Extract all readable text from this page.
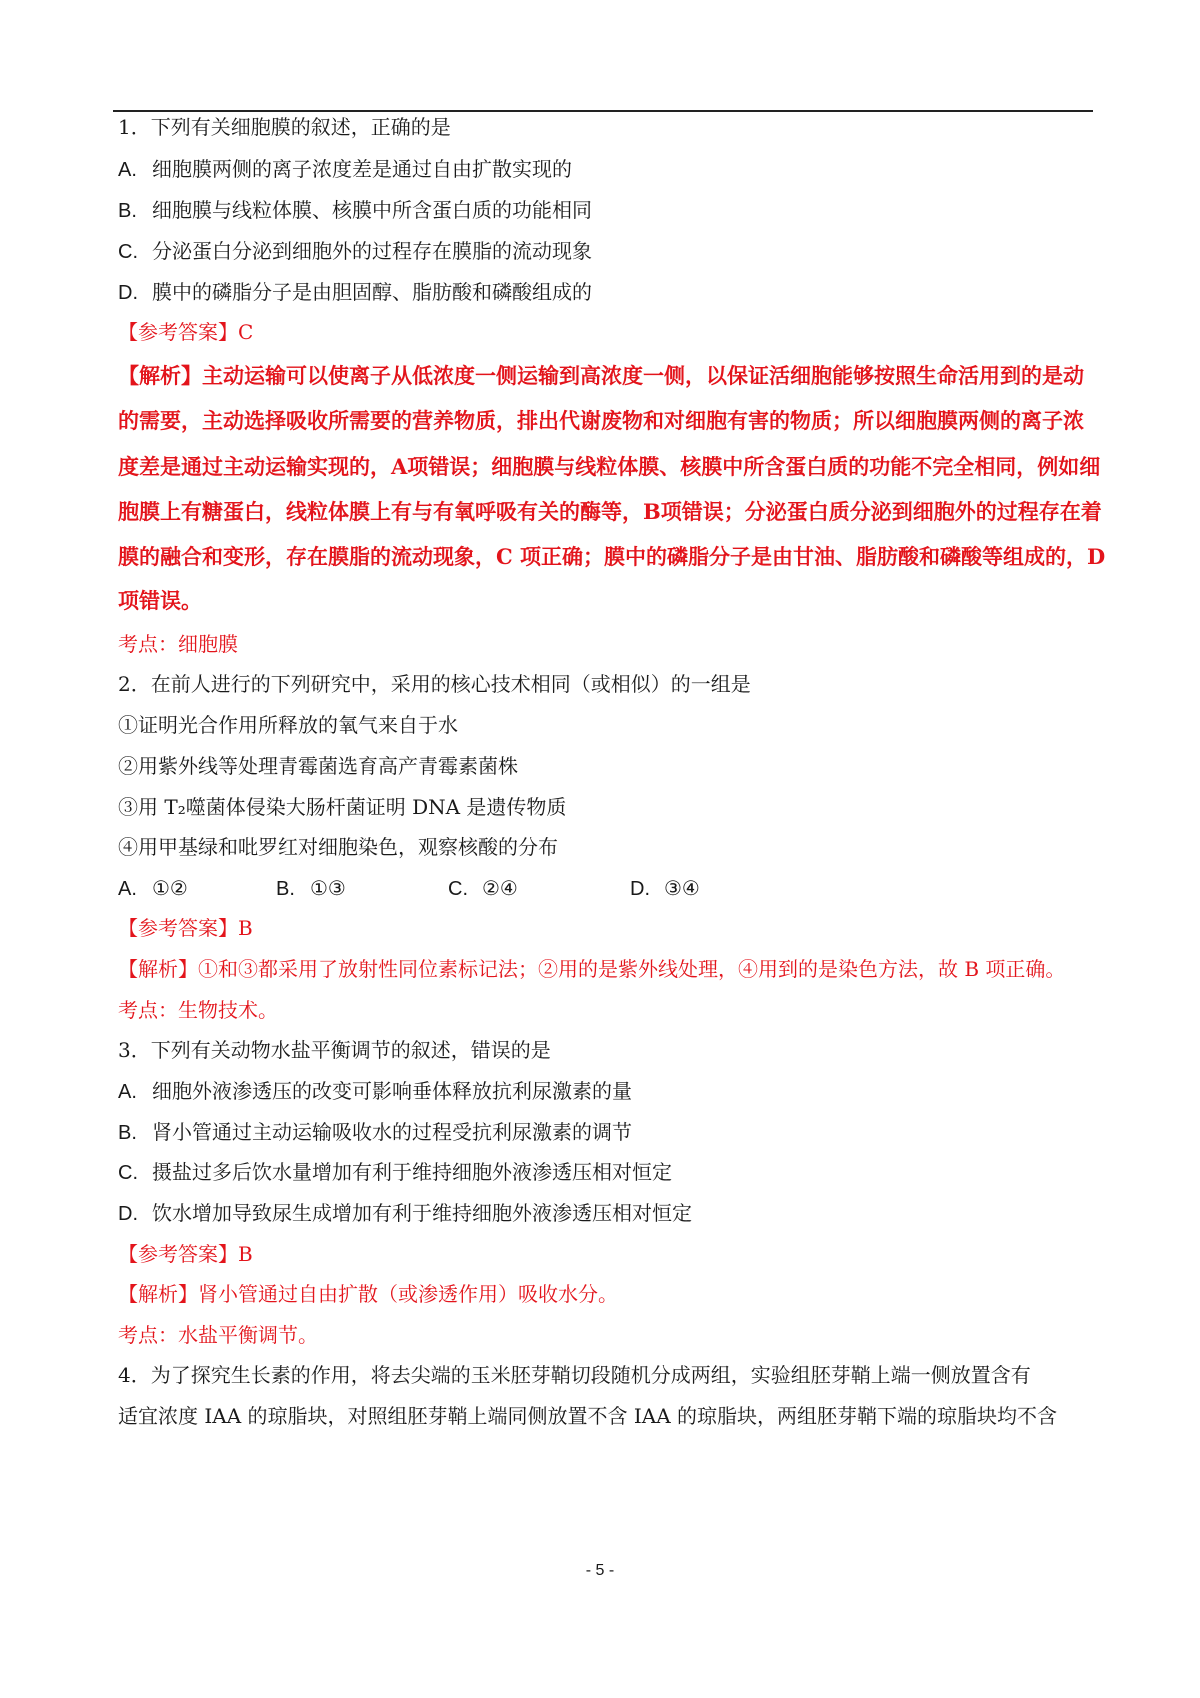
1．下列有关细胞膜的叙述，正确的是
A. 细胞膜两侧的离子浓度差是通过自由扩散实现的
B. 细胞膜与线粒体膜、核膜中所含蛋白质的功能相同
C. 分泌蛋白分泌到细胞外的过程存在膜脂的流动现象
D. 膜中的磷脂分子是由胆固醇、脂肪酸和磷酸组成的
【参考答案】C
【解析】主动运输可以使离子从低浓度一侧运输到高浓度一侧，以保证活细胞能够按照生命活用到的是动
的需要，主动选择吸收所需要的营养物质，排出代谢废物和对细胞有害的物质；所以细胞膜两侧的离子浓
度差是通过主动运输实现的，A项错误；细胞膜与线粒体膜、核膜中所含蛋白质的功能不完全相同，例如细
胞膜上有糖蛋白，线粒体膜上有与有氧呼吸有关的酶等，B项错误；分泌蛋白质分泌到细胞外的过程存在着
膜的融合和变形，存在膜脂的流动现象，C 项正确；膜中的磷脂分子是由甘油、脂肪酸和磷酸等组成的，D
项错误。
考点：细胞膜
2．在前人进行的下列研究中，采用的核心技术相同（或相似）的一组是
①证明光合作用所释放的氧气来自于水
②用紫外线等处理青霉菌选育高产青霉素菌株
③用 T₂噬菌体侵染大肠杆菌证明 DNA 是遗传物质
④用甲基绿和吡罗红对细胞染色，观察核酸的分布
A. ①②	B. ①③	C. ②④	D. ③④
【参考答案】B
【解析】①和③都采用了放射性同位素标记法；②用的是紫外线处理，④用到的是染色方法，故 B 项正确。
考点：生物技术。
3．下列有关动物水盐平衡调节的叙述，错误的是
A. 细胞外液渗透压的改变可影响垂体释放抗利尿激素的量
B. 肾小管通过主动运输吸收水的过程受抗利尿激素的调节
C. 摄盐过多后饮水量增加有利于维持细胞外液渗透压相对恒定
D. 饮水增加导致尿生成增加有利于维持细胞外液渗透压相对恒定
【参考答案】B
【解析】肾小管通过自由扩散（或渗透作用）吸收水分。
考点：水盐平衡调节。
4．为了探究生长素的作用，将去尖端的玉米胚芽鞘切段随机分成两组，实验组胚芽鞘上端一侧放置含有
适宜浓度 IAA 的琼脂块，对照组胚芽鞘上端同侧放置不含 IAA 的琼脂块，两组胚芽鞘下端的琼脂块均不含
- 5 -
